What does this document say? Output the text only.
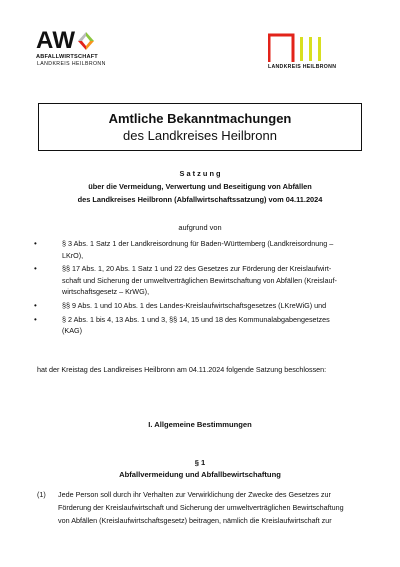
A W
ABFALLWIRTSCHAFT
LANDKREIS HEILBRONN	LANDKREIS HEILBRONN
Amtliche Bekanntmachungen
des Landkreises Heilbronn
S a t z u n g
über die Vermeidung, Verwertung und Beseitigung von Abfällen
des Landkreises Heilbronn (Abfallwirtschaftssatzung) vom 04.11.2024
aufgrund von
• § 3 Abs. 1 Satz 1 der Landkreisordnung für Baden-Württemberg (Landkreisordnung –
LKrO),
• §§ 17 Abs. 1, 20 Abs. 1 Satz 1 und 22 des Gesetzes zur Förderung der Kreislaufwirt-
schaft und Sicherung der umweltverträglichen Bewirtschaftung von Abfällen (Kreislauf-
wirtschaftsgesetz – KrWG),
• §§ 9 Abs. 1 und 10 Abs. 1 des Landes-Kreislaufwirtschaftsgesetzes (LKreWiG) und
• § 2 Abs. 1 bis 4, 13 Abs. 1 und 3, §§ 14, 15 und 18 des Kommunalabgabengesetzes
(KAG)
hat der Kreistag des Landkreises Heilbronn am 04.11.2024 folgende Satzung beschlossen:
I. Allgemeine Bestimmungen
§ 1
Abfallvermeidung und Abfallbewirtschaftung
(1) Jede Person soll durch ihr Verhalten zur Verwirklichung der Zwecke des Gesetzes zur
Förderung der Kreislaufwirtschaft und Sicherung der umweltverträglichen Bewirtschaftung
von Abfällen (Kreislaufwirtschaftsgesetz) beitragen, nämlich die Kreislaufwirtschaft zur
